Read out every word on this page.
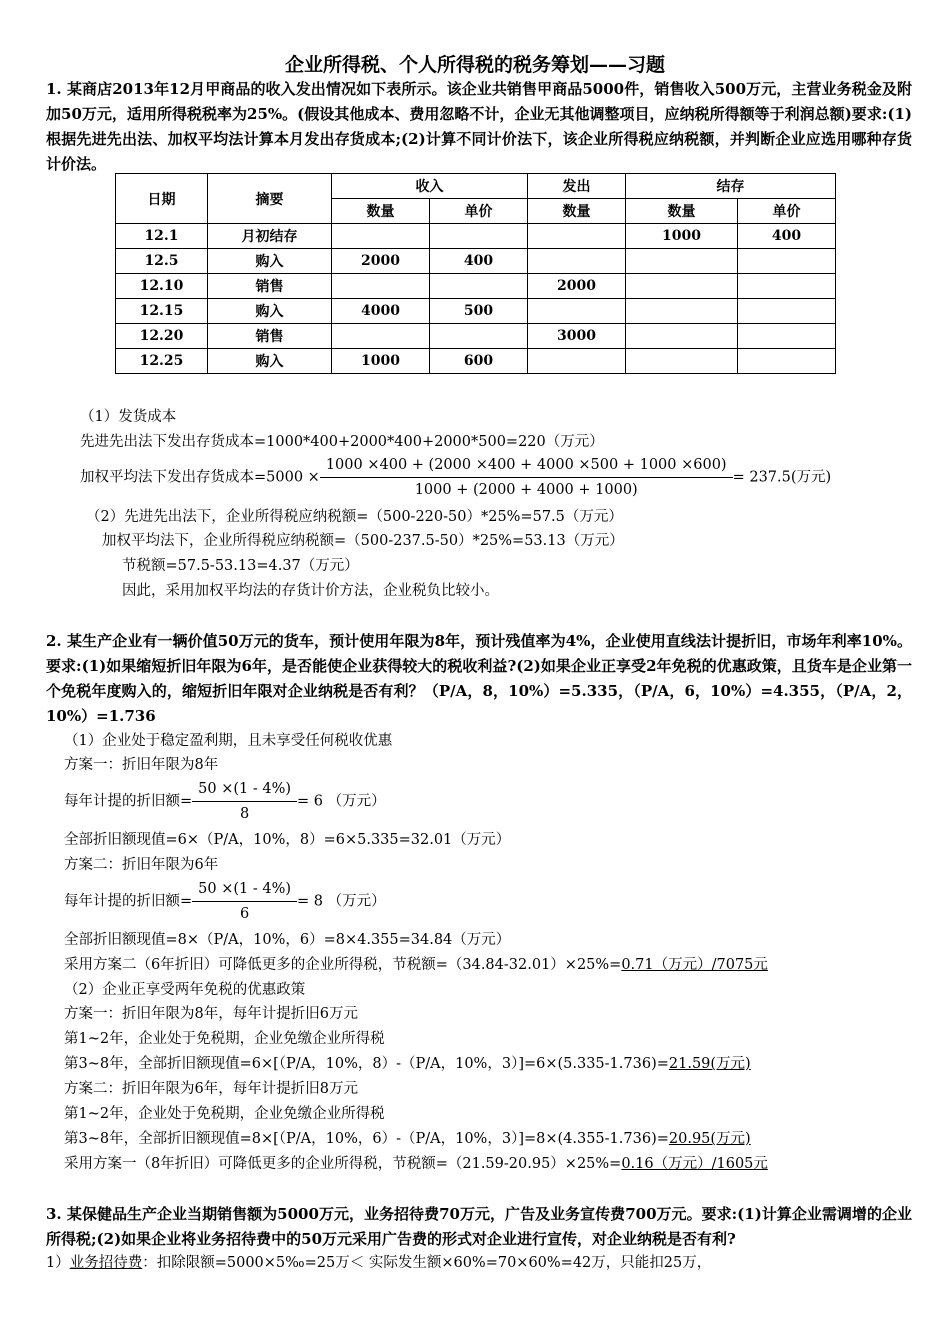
企业所得税、个人所得税的税务筹划——习题
1. 某商店2013年12月甲商品的收入发出情况如下表所示。该企业共销售甲商品5000件，销售收入500万元，主营业务税金及附加50万元，适用所得税税率为25%。(假设其他成本、费用忽略不计，企业无其他调整项目，应纳税所得额等于利润总额)要求:(1)根据先进先出法、加权平均法计算本月发出存货成本;(2)计算不同计价法下，该企业所得税应纳税额，并判断企业应选用哪种存货计价法。
日期	摘要	收入		发出	结存	
		数量	单价	数量	数量	单价
12.1	月初结存				1000	400
12.5	购入	2000	400			
12.10	销售			2000		
12.15	购入	4000	500			
12.20	销售			3000		
12.25	购入	1000	600			
（1）发货成本
先进先出法下发出存货成本=1000*400+2000*400+2000*500=220（万元）
加权平均法下发出存货成本$=5000 \times \frac{1000 \times 400 + (2000 \times 400 + 4000 \times 500 + 1000 \times 600)}{1000 + (2000 + 4000 + 1000)} = 237.5$(万元)
（2）先进先出法下，企业所得税应纳税额=（500-220-50）*25%=57.5（万元）
加权平均法下，企业所得税应纳税额=（500-237.5-50）*25%=53.13（万元）
节税额=57.5-53.13=4.37（万元）
因此，采用加权平均法的存货计价方法，企业税负比较小。
2. 某生产企业有一辆价值50万元的货车，预计使用年限为8年，预计残值率为4%，企业使用直线法计提折旧，市场年利率10%。要求:(1)如果缩短折旧年限为6年，是否能使企业获得较大的税收利益?(2)如果企业正享受2年免税的优惠政策，且货车是企业第一个免税年度购入的，缩短折旧年限对企业纳税是否有利？（P/A，8，10%）=5.335，（P/A，6，10%）=4.355，（P/A，2，10%）=1.736
（1）企业处于稳定盈利期，且未享受任何税收优惠
方案一：折旧年限为8年
每年计提的折旧额= $\frac{50 \times(1 - 4\%)}{8} = 6$ （万元）
全部折旧额现值=6×（P/A，10%，8）=6×5.335=32.01（万元）
方案二：折旧年限为6年
每年计提的折旧额= $\frac{50 \times(1 - 4\%)}{6} = 8$ （万元）
全部折旧额现值=8×（P/A，10%，6）=8×4.355=34.84（万元）
采用方案二（6年折旧）可降低更多的企业所得税，节税额=（34.84-32.01）×25%=0.71（万元）/7075元
（2）企业正享受两年免税的优惠政策
方案一：折旧年限为8年，每年计提折旧6万元
第1~2年，企业处于免税期，企业免缴企业所得税
第3~8年，全部折旧额现值=6×[（P/A，10%，8）-（P/A，10%，3）]=6×(5.335-1.736)=21.59(万元)
方案二：折旧年限为6年，每年计提折旧8万元
第1~2年，企业处于免税期，企业免缴企业所得税
第3~8年，全部折旧额现值=8×[（P/A，10%，6）-（P/A，10%，3）]=8×(4.355-1.736)=20.95(万元)
采用方案一（8年折旧）可降低更多的企业所得税，节税额=（21.59-20.95）×25%=0.16（万元）/1605元
3. 某保健品生产企业当期销售额为5000万元，业务招待费70万元，广告及业务宣传费700万元。要求:(1)计算企业需调增的企业所得税;(2)如果企业将业务招待费中的50万元采用广告费的形式对企业进行宣传，对企业纳税是否有利?
1）业务招待费：扣除限额=5000×5‰=25万＜ 实际发生额×60%=70×60%=42万，只能扣25万，
